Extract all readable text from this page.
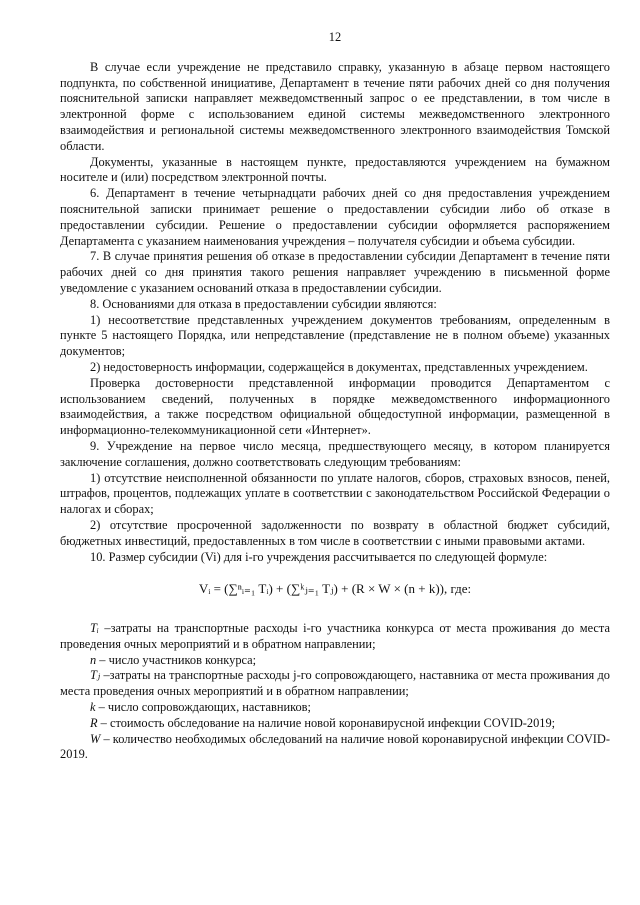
12

В случае если учреждение не представило справку, указанную в абзаце первом настоящего подпункта, по собственной инициативе, Департамент в течение пяти рабочих дней со дня получения пояснительной записки направляет межведомственный запрос о ее представлении, в том числе в электронной форме с использованием единой системы межведомственного электронного взаимодействия и региональной системы межведомственного электронного взаимодействия Томской области.

Документы, указанные в настоящем пункте, предоставляются учреждением на бумажном носителе и (или) посредством электронной почты.

6. Департамент в течение четырнадцати рабочих дней со дня предоставления учреждением пояснительной записки принимает решение о предоставлении субсидии либо об отказе в предоставлении субсидии. Решение о предоставлении субсидии оформляется распоряжением Департамента с указанием наименования учреждения – получателя субсидии и объема субсидии.

7. В случае принятия решения об отказе в предоставлении субсидии Департамент в течение пяти рабочих дней со дня принятия такого решения направляет учреждению в письменной форме уведомление с указанием оснований отказа в предоставлении субсидии.

8. Основаниями для отказа в предоставлении субсидии являются:

1) несоответствие представленных учреждением документов требованиям, определенным в пункте 5 настоящего Порядка, или непредставление (представление не в полном объеме) указанных документов;

2) недостоверность информации, содержащейся в документах, представленных учреждением.

Проверка достоверности представленной информации проводится Департаментом с использованием сведений, полученных в порядке межведомственного информационного взаимодействия, а также посредством официальной общедоступной информации, размещенной в информационно-телекоммуникационной сети «Интернет».

9. Учреждение на первое число месяца, предшествующего месяцу, в котором планируется заключение соглашения, должно соответствовать следующим требованиям:

1) отсутствие неисполненной обязанности по уплате налогов, сборов, страховых взносов, пеней, штрафов, процентов, подлежащих уплате в соответствии с законодательством Российской Федерации о налогах и сборах;

2) отсутствие просроченной задолженности по возврату в областной бюджет субсидий, бюджетных инвестиций, предоставленных в том числе в соответствии с иными правовыми актами.

10. Размер субсидии (Vi) для i-го учреждения рассчитывается по следующей формуле:

Vᵢ = (∑ⁿᵢ₌₁ Tᵢ) + (∑ᵏⱼ₌₁ Tⱼ) + (R × W × (n + k)), где:

Tᵢ –затраты на транспортные расходы i-го участника конкурса от места проживания до места проведения очных мероприятий и в обратном направлении;

n – число участников конкурса;

Tⱼ –затраты на транспортные расходы j-го сопровождающего, наставника от места проживания до места проведения очных мероприятий и в обратном направлении;

k – число сопровождающих, наставников;

R – стоимость обследование на наличие новой коронавирусной инфекции COVID-2019;

W – количество необходимых обследований на наличие новой коронавирусной инфекции COVID-2019.
